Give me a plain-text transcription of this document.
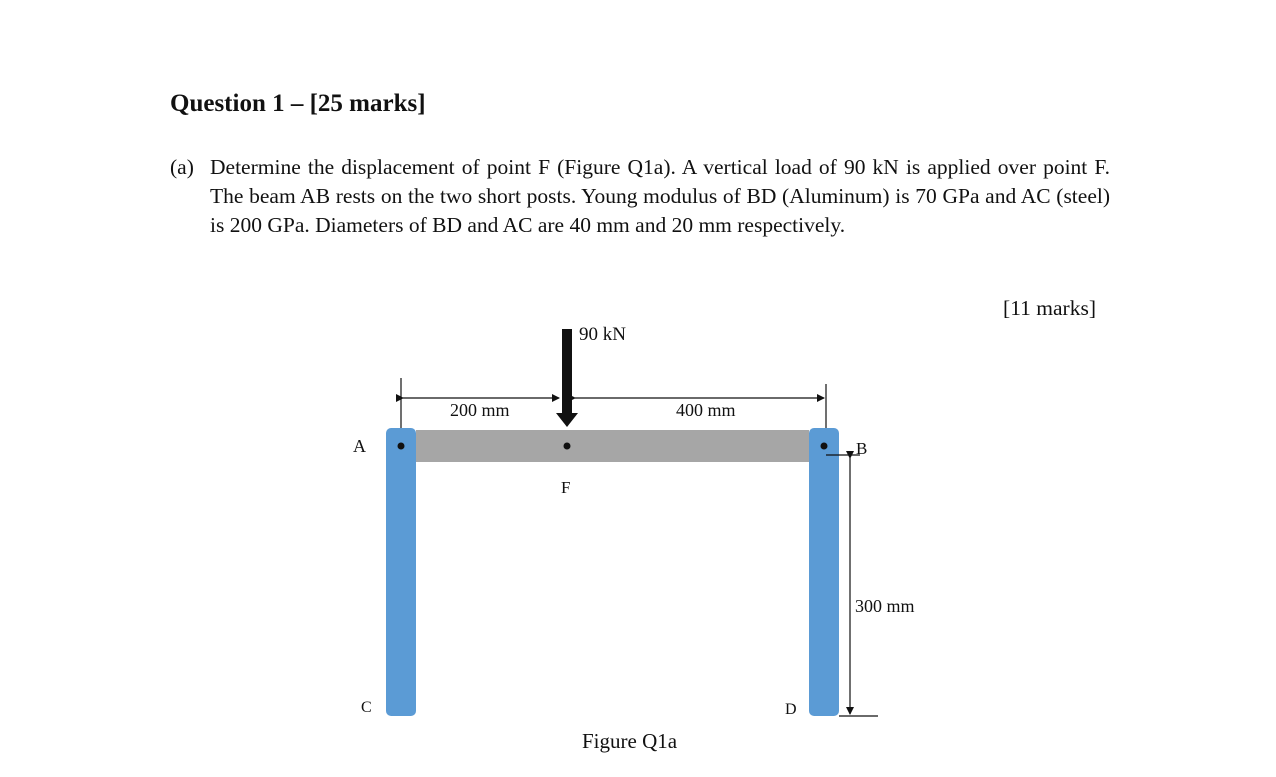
Question 1 – [25 marks]
(a) Determine the displacement of point F (Figure Q1a). A vertical load of 90 kN is applied over point F. The beam AB rests on the two short posts. Young modulus of BD (Aluminum) is 70 GPa and AC (steel) is 200 GPa. Diameters of BD and AC are 40 mm and 20 mm respectively.
[11 marks]
90 kN
200 mm	400 mm
300 mm
A	B
C	D
F
Figure Q1a
